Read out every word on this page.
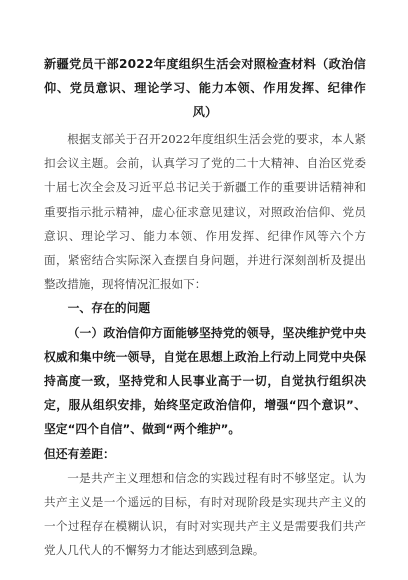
新疆党员干部2022年度组织生活会对照检查材料（政治信仰、党员意识、理论学习、能力本领、作用发挥、纪律作风）

根据支部关于召开2022年度组织生活会党的要求，本人紧扣会议主题。会前，认真学习了党的二十大精神、自治区党委十届七次全会及习近平总书记关于新疆工作的重要讲话精神和重要指示批示精神，虚心征求意见建议，对照政治信仰、党员意识、理论学习、能力本领、作用发挥、纪律作风等六个方面，紧密结合实际深入查摆自身问题，并进行深刻剖析及提出整改措施，现将情况汇报如下：

一、存在的问题

（一）政治信仰方面能够坚持党的领导，坚决维护党中央权威和集中统一领导，自觉在思想上政治上行动上同党中央保持高度一致，坚持党和人民事业高于一切，自觉执行组织决定，服从组织安排，始终坚定政治信仰，增强“四个意识”、坚定“四个自信”、做到“两个维护”。

但还有差距：

一是共产主义理想和信念的实践过程有时不够坚定。认为共产主义是一个遥远的目标，有时对现阶段是实现共产主义的一个过程存在模糊认识，有时对实现共产主义是需要我们共产党人几代人的不懈努力才能达到感到急躁。
